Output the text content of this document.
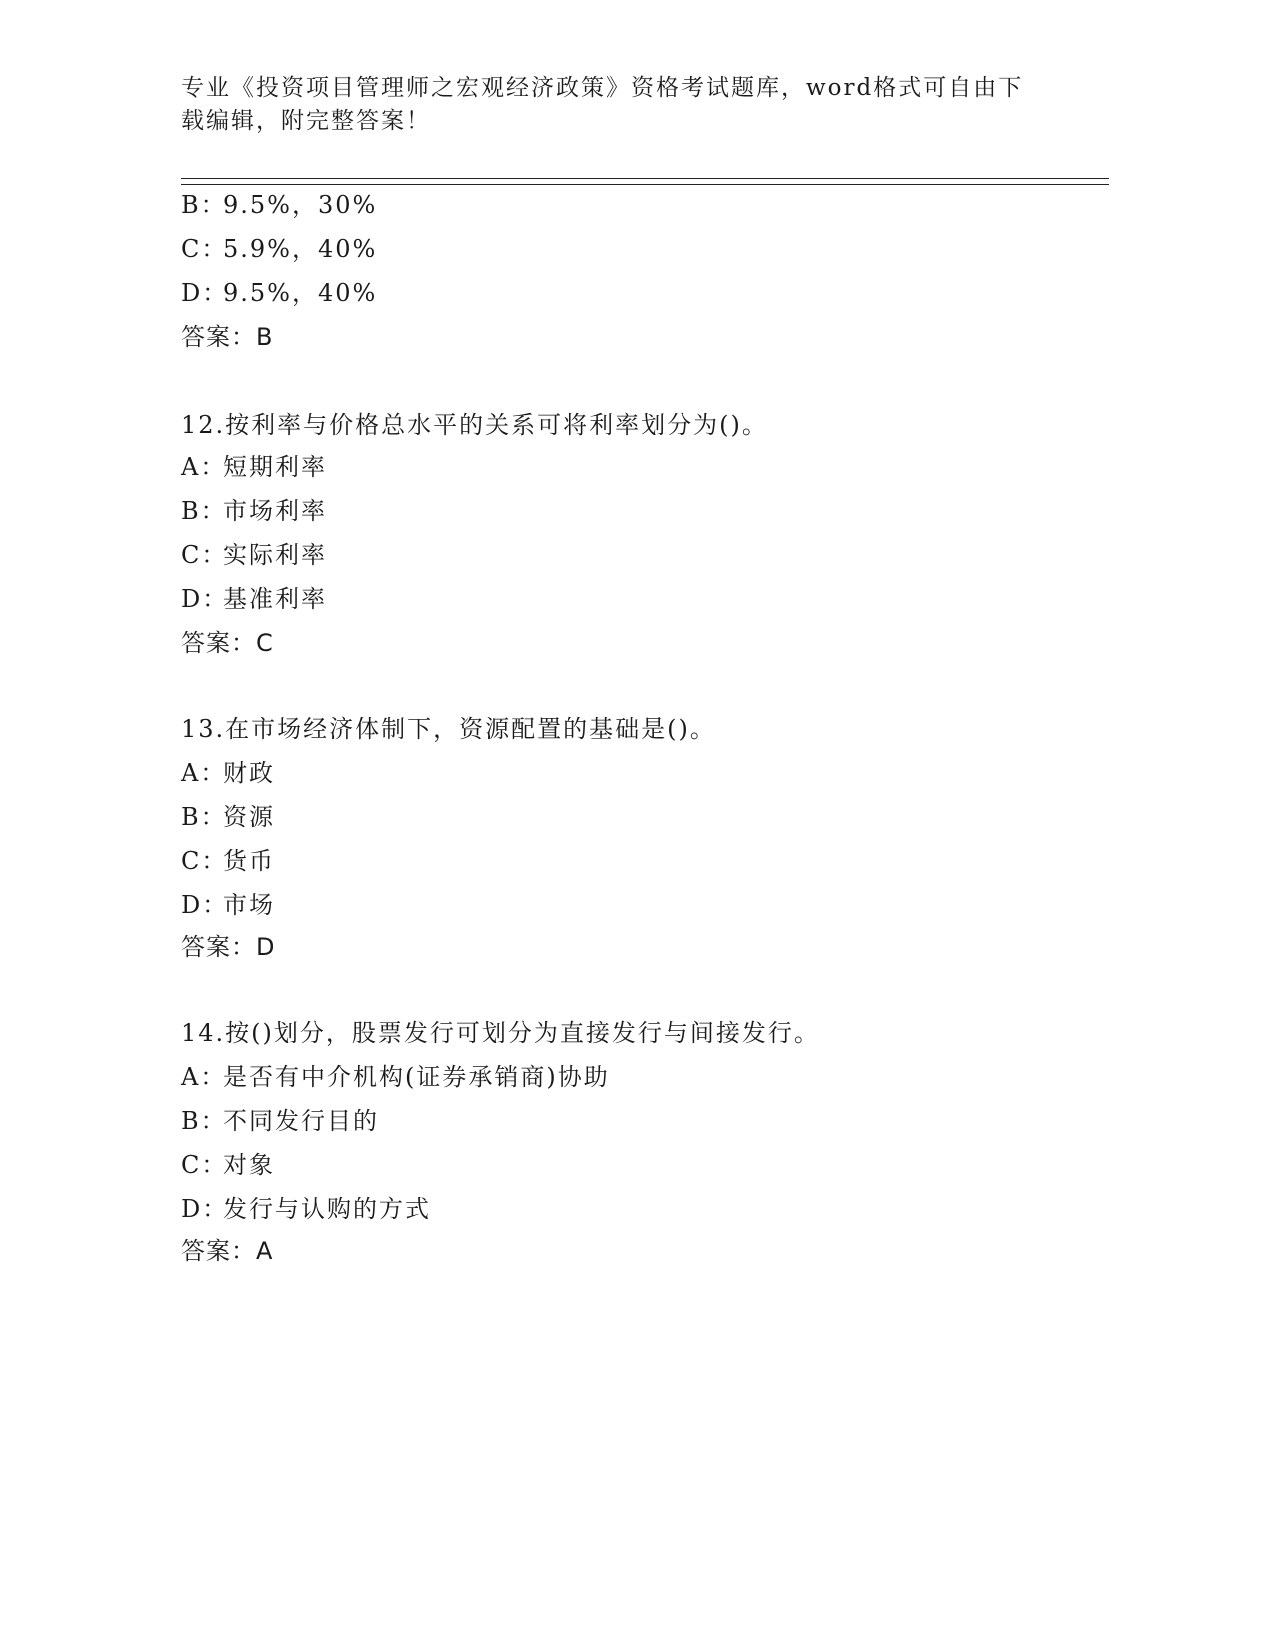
专业《投资项目管理师之宏观经济政策》资格考试题库，word格式可自由下载编辑，附完整答案！
B：9.5%，30%
C：5.9%，40%
D：9.5%，40%
答案：B
12.按利率与价格总水平的关系可将利率划分为()。
A：短期利率
B：市场利率
C：实际利率
D：基准利率
答案：C
13.在市场经济体制下，资源配置的基础是()。
A：财政
B：资源
C：货币
D：市场
答案：D
14.按()划分，股票发行可划分为直接发行与间接发行。
A：是否有中介机构(证券承销商)协助
B：不同发行目的
C：对象
D：发行与认购的方式
答案：A
